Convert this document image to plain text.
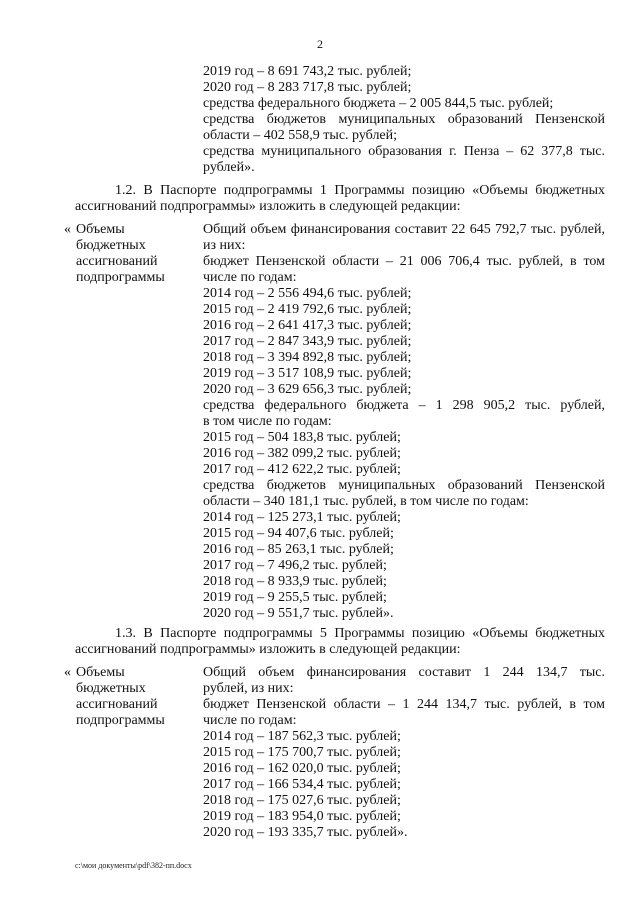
2
2019 год – 8 691 743,2 тыс. рублей;
2020 год – 8 283 717,8 тыс. рублей;
средства федерального бюджета – 2 005 844,5 тыс. рублей;
средства бюджетов муниципальных образований Пензенской
области – 402 558,9 тыс. рублей;
средства муниципального образования г. Пенза – 62 377,8 тыс.
рублей».
1.2. В Паспорте подпрограммы 1 Программы позицию «Объемы бюджетных
ассигнований подпрограммы» изложить в следующей редакции:
« Объемы
бюджетных
ассигнований
подпрограммы
Общий объем финансирования составит 22 645 792,7 тыс. рублей,
из них:
бюджет Пензенской области – 21 006 706,4 тыс. рублей, в том
числе по годам:
2014 год – 2 556 494,6 тыс. рублей;
2015 год – 2 419 792,6 тыс. рублей;
2016 год – 2 641 417,3 тыс. рублей;
2017 год – 2 847 343,9 тыс. рублей;
2018 год – 3 394 892,8 тыс. рублей;
2019 год – 3 517 108,9 тыс. рублей;
2020 год – 3 629 656,3 тыс. рублей;
средства федерального бюджета – 1 298 905,2 тыс. рублей,
в том числе по годам:
2015 год – 504 183,8 тыс. рублей;
2016 год – 382 099,2 тыс. рублей;
2017 год – 412 622,2 тыс. рублей;
средства бюджетов муниципальных образований Пензенской
области – 340 181,1 тыс. рублей, в том числе по годам:
2014 год – 125 273,1 тыс. рублей;
2015 год – 94 407,6 тыс. рублей;
2016 год – 85 263,1 тыс. рублей;
2017 год – 7 496,2 тыс. рублей;
2018 год – 8 933,9 тыс. рублей;
2019 год – 9 255,5 тыс. рублей;
2020 год – 9 551,7 тыс. рублей».
1.3. В Паспорте подпрограммы 5 Программы позицию «Объемы бюджетных
ассигнований подпрограммы» изложить в следующей редакции:
« Объемы
бюджетных
ассигнований
подпрограммы
Общий объем финансирования составит 1 244 134,7 тыс.
рублей, из них:
бюджет Пензенской области – 1 244 134,7 тыс. рублей, в том
числе по годам:
2014 год – 187 562,3 тыс. рублей;
2015 год – 175 700,7 тыс. рублей;
2016 год – 162 020,0 тыс. рублей;
2017 год – 166 534,4 тыс. рублей;
2018 год – 175 027,6 тыс. рублей;
2019 год – 183 954,0 тыс. рублей;
2020 год – 193 335,7 тыс. рублей».
c:\мои документы\pdf\382-пп.docx
